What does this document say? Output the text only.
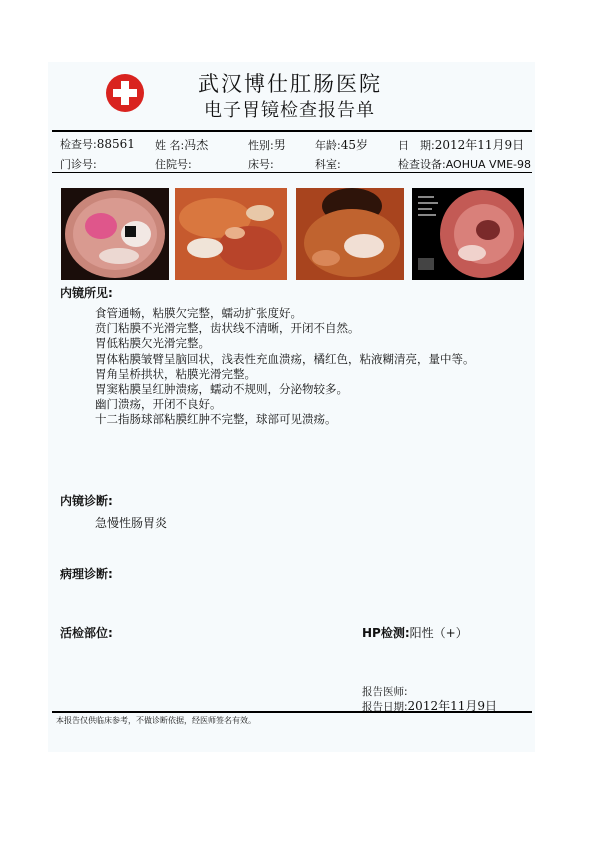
武汉博仕肛肠医院
电子胃镜检查报告单
检查号:88561 姓 名:冯杰	性别:男	年龄:45岁	日　期:2012年11月9日
门诊号:	住院号:	床号:	科室:	检查设备:AOHUA VME-98
内镜所见:
食管通畅，粘膜欠完整，蠕动扩张度好。
贲门粘膜不光滑完整，齿状线不清晰，开闭不自然。
胃低粘膜欠光滑完整。
胃体粘膜皱臂呈脑回状，浅表性充血溃疡，橘红色，粘液糊清亮，量中等。
胃角呈桥拱状，粘膜光滑完整。
胃窦粘膜呈红肿溃疡，蠕动不规则，分泌物较多。
幽门溃疡，开闭不良好。
十二指肠球部粘膜红肿不完整，球部可见溃疡。
内镜诊断:
急慢性肠胃炎
病理诊断:
活检部位:	HP检测:阳性（+）
报告医师:
报告日期:2012年11月9日
本报告仅供临床参考，不做诊断依据，经医师签名有效。
